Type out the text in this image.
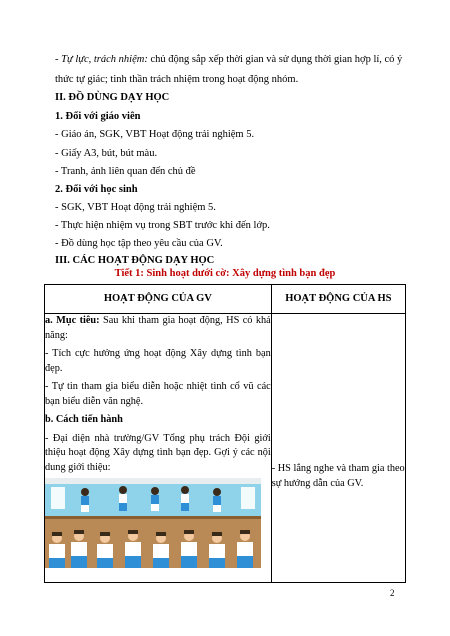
- Tự lực, trách nhiệm: chủ động sắp xếp thời gian và sử dụng thời gian hợp lí, có ý
thức tự giác; tinh thần trách nhiệm trong hoạt động nhóm.
II. ĐỒ DÙNG DẠY HỌC
1. Đối với giáo viên
- Giáo án, SGK, VBT Hoạt động trải nghiệm 5.
- Giấy A3, bút, bút màu.
- Tranh, ảnh liên quan đến chủ đề
2. Đối với học sinh
- SGK, VBT Hoạt động trải nghiệm 5.
- Thực hiện nhiệm vụ trong SBT trước khi đến lớp.
- Đồ dùng học tập theo yêu cầu của GV.
III. CÁC HOẠT ĐỘNG DẠY HỌC
Tiết 1: Sinh hoạt dưới cờ: Xây dựng tình bạn đẹp
HOẠT ĐỘNG CỦA GV	HOẠT ĐỘNG CỦA HS

a. Mục tiêu: Sau khi tham gia hoạt động, HS có khả năng:
- Tích cực hưởng ứng hoạt động Xây dựng tình bạn đẹp.
- Tự tin tham gia biểu diễn hoặc nhiệt tình cổ vũ các bạn biểu diễn văn nghệ.
b. Cách tiến hành
- Đại diện nhà trường/GV Tổng phụ trách Đội giới thiệu hoạt động Xây dựng tình bạn đẹp. Gợi ý các nội dung giới thiệu:	- HS lắng nghe và tham gia theo sự hướng dẫn của GV.
2
